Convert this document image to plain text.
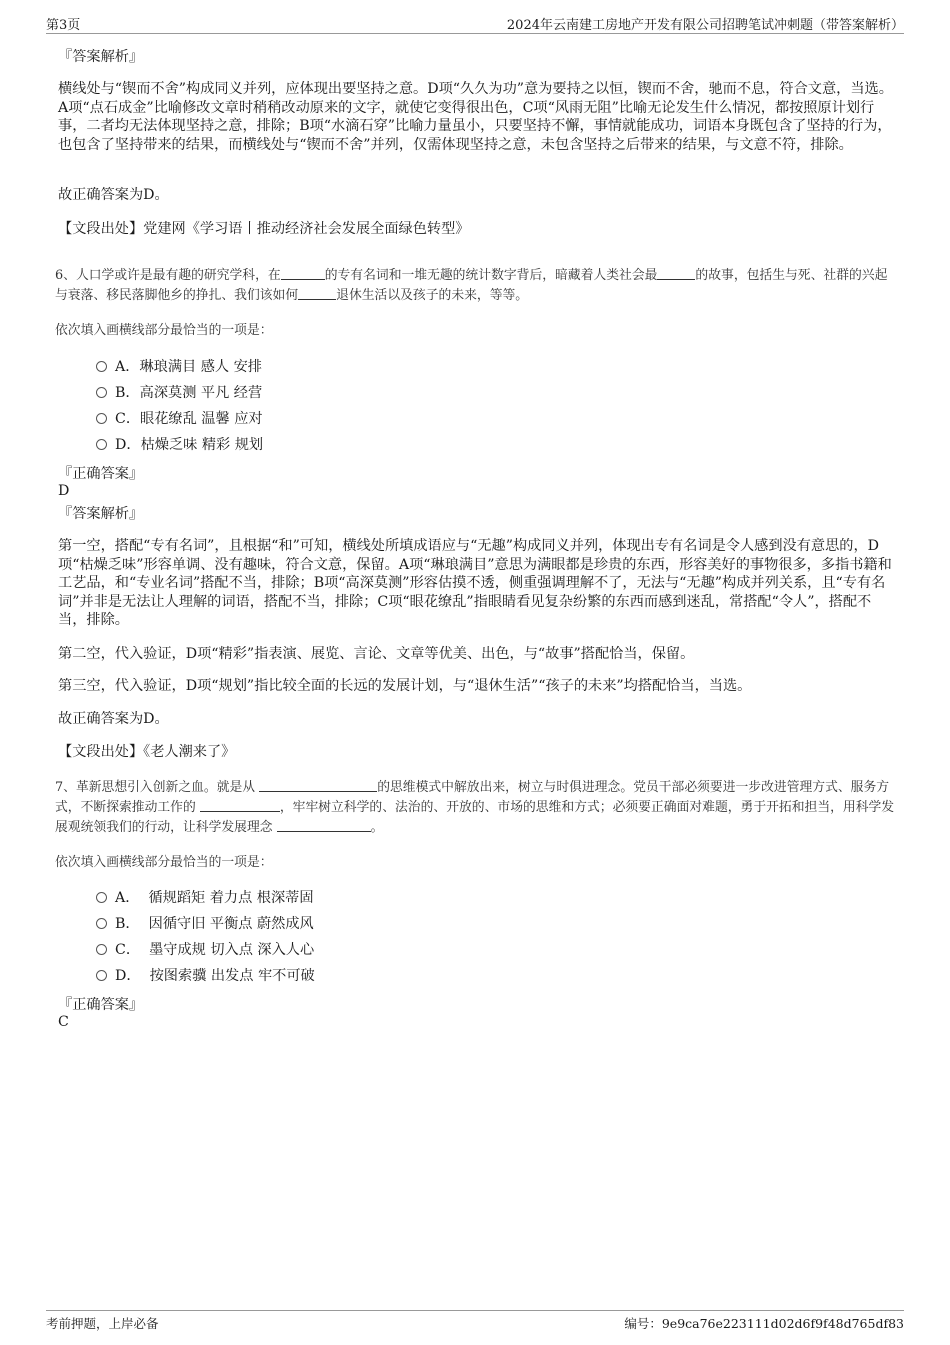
第3页	2024年云南建工房地产开发有限公司招聘笔试冲刺题（带答案解析）
『答案解析』
横线处与“锲而不舍”构成同义并列，应体现出要坚持之意。D项“久久为功”意为要持之以恒，锲而不舍，驰而不息，符合文意，当选。A项“点石成金”比喻修改文章时稍稍改动原来的文字，就使它变得很出色，C项“风雨无阻”比喻无论发生什么情况，都按照原计划行事，二者均无法体现坚持之意，排除；B项“水滴石穿”比喻力量虽小，只要坚持不懈，事情就能成功，词语本身既包含了坚持的行为，也包含了坚持带来的结果，而横线处与“锲而不舍”并列，仅需体现坚持之意，未包含坚持之后带来的结果，与文意不符，排除。
故正确答案为D。
【文段出处】党建网《学习语丨推动经济社会发展全面绿色转型》
6、人口学或许是最有趣的研究学科，在	的专有名词和一堆无趣的统计数字背后，暗藏着人类社会最	的故事，包括生与死、社群的兴起与衰落、移民落脚他乡的挣扎、我们该如何	退休生活以及孩子的未来，等等。
依次填入画横线部分最恰当的一项是：
A．琳琅满目 感人 安排
B．高深莫测 平凡 经营
C．眼花缭乱 温馨 应对
D．枯燥乏味 精彩 规划
『正确答案』
D
『答案解析』
第一空，搭配“专有名词”，且根据“和”可知，横线处所填成语应与“无趣”构成同义并列，体现出专有名词是令人感到没有意思的，D项“枯燥乏味”形容单调、没有趣味，符合文意，保留。A项“琳琅满目”意思为满眼都是珍贵的东西，形容美好的事物很多，多指书籍和工艺品，和“专业名词”搭配不当，排除；B项“高深莫测”形容估摸不透，侧重强调理解不了，无法与“无趣”构成并列关系，且“专有名词”并非是无法让人理解的词语，搭配不当，排除；C项“眼花缭乱”指眼睛看见复杂纷繁的东西而感到迷乱，常搭配“令人”，搭配不当，排除。
第二空，代入验证，D项“精彩”指表演、展览、言论、文章等优美、出色，与“故事”搭配恰当，保留。
第三空，代入验证，D项“规划”指比较全面的长远的发展计划，与“退休生活”“孩子的未来”均搭配恰当，当选。
故正确答案为D。
【文段出处】《老人潮来了》
7、革新思想引入创新之血。就是从	的思维模式中解放出来，树立与时俱进理念。党员干部必须要进一步改进管理方式、服务方式，不断探索推动工作的	，牢牢树立科学的、法治的、开放的、市场的思维和方式；必须要正确面对难题，勇于开拓和担当，用科学发展观统领我们的行动，让科学发展理念	。
依次填入画横线部分最恰当的一项是：
A． 循规蹈矩 着力点 根深蒂固
B． 因循守旧 平衡点 蔚然成风
C． 墨守成规 切入点 深入人心
D． 按图索骥 出发点 牢不可破
『正确答案』
C
考前押题，上岸必备	编号：9e9ca76e223111d02d6f9f48d765df83
